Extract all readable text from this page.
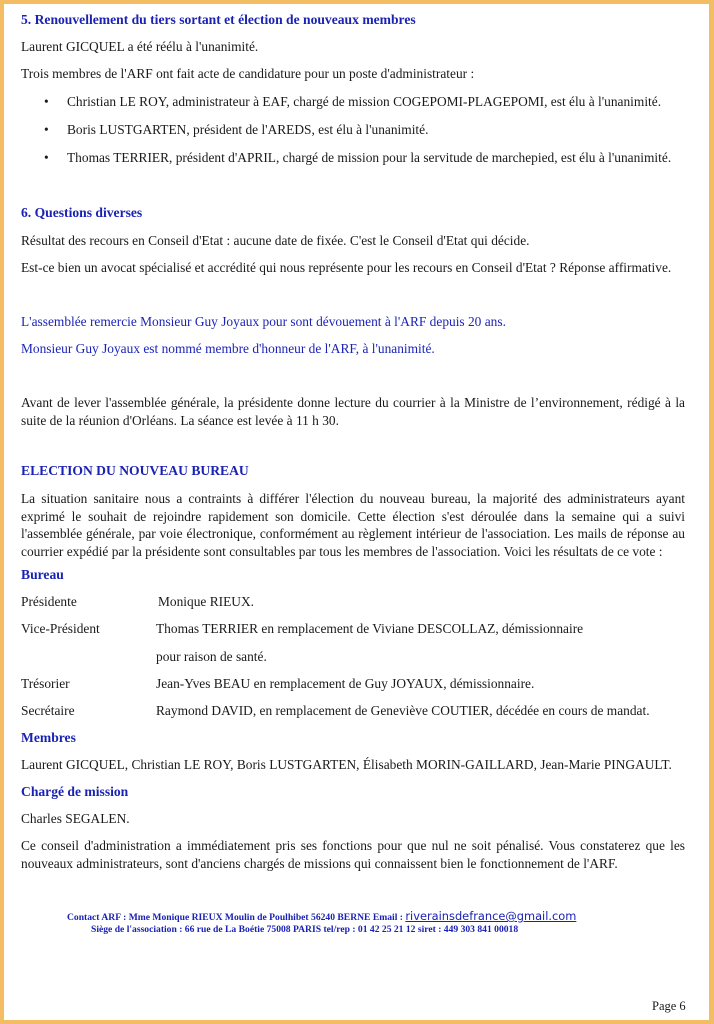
5. Renouvellement du tiers sortant et élection de nouveaux membres
Laurent GICQUEL a été réélu à l'unanimité.
Trois membres de l'ARF ont fait acte de candidature pour un poste d'administrateur :
• Christian LE ROY, administrateur à EAF, chargé de mission COGEPOMI-PLAGEPOMI, est élu à l'unanimité.
• Boris LUSTGARTEN, président de l'AREDS, est élu à l'unanimité.
• Thomas TERRIER, président d'APRIL, chargé de mission pour la servitude de marchepied, est élu à l'unanimité.
6. Questions diverses
Résultat des recours en Conseil d'Etat : aucune date de fixée. C'est le Conseil d'Etat qui décide.
Est-ce bien un avocat spécialisé et accrédité qui nous représente pour les recours en Conseil d'Etat ? Réponse affirmative.
L'assemblée remercie Monsieur Guy Joyaux pour sont dévouement à l'ARF depuis 20 ans.
Monsieur Guy Joyaux est nommé membre d'honneur de l'ARF, à l'unanimité.
Avant de lever l'assemblée générale, la présidente donne lecture du courrier à la Ministre de l’environnement, rédigé à la suite de la réunion d'Orléans. La séance est levée à 11 h 30.
ELECTION DU NOUVEAU BUREAU
La situation sanitaire nous a contraints à différer l'élection du nouveau bureau, la majorité des administrateurs ayant exprimé le souhait de rejoindre rapidement son domicile. Cette élection s'est déroulée dans la semaine qui a suivi l'assemblée générale, par voie électronique, conformément au règlement intérieur de l'association. Les mails de réponse au courrier expédié par la présidente sont consultables par tous les membres de l'association. Voici les résultats de ce vote :
Bureau
Présidente	Monique RIEUX.
Vice-Président	Thomas TERRIER en remplacement de Viviane DESCOLLAZ, démissionnaire
pour raison de santé.
Trésorier	Jean-Yves BEAU en remplacement de Guy JOYAUX, démissionnaire.
Secrétaire	Raymond DAVID, en remplacement de Geneviève COUTIER, décédée en cours de mandat.
Membres
Laurent GICQUEL, Christian LE ROY, Boris LUSTGARTEN, Élisabeth MORIN-GAILLARD, Jean-Marie PINGAULT.
Chargé de mission
Charles SEGALEN.
Ce conseil d'administration a immédiatement pris ses fonctions pour que nul ne soit pénalisé. Vous constaterez que les nouveaux administrateurs, sont d'anciens chargés de missions qui connaissent bien le fonctionnement de l'ARF.
Contact ARF : Mme Monique RIEUX Moulin de Poulhibet 56240 BERNE Email : riverainsdefrance@gmail.com
Siège de l'association : 66 rue de La Boétie 75008 PARIS tel/rep : 01 42 25 21 12 siret : 449 303 841 00018
Page 6
